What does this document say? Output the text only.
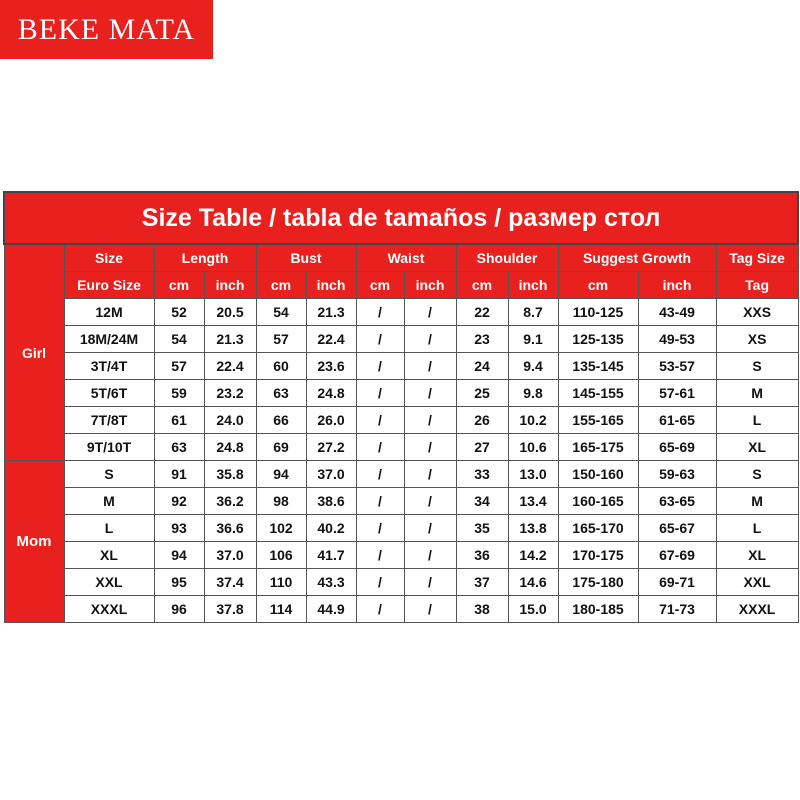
BEKE MATA
Size Table / tabla de tamaños / размер стол												
Girl	Size	Length		Bust		Waist		Shoulder		Suggest Growth		Tag Size
	Euro Size	cm	inch	cm	inch	cm	inch	cm	inch	cm	inch	Tag
	12M	52	20.5	54	21.3	/	/	22	8.7	110-125	43-49	XXS
	18M/24M	54	21.3	57	22.4	/	/	23	9.1	125-135	49-53	XS
	3T/4T	57	22.4	60	23.6	/	/	24	9.4	135-145	53-57	S
	5T/6T	59	23.2	63	24.8	/	/	25	9.8	145-155	57-61	M
	7T/8T	61	24.0	66	26.0	/	/	26	10.2	155-165	61-65	L
	9T/10T	63	24.8	69	27.2	/	/	27	10.6	165-175	65-69	XL
Mom	S	91	35.8	94	37.0	/	/	33	13.0	150-160	59-63	S
	M	92	36.2	98	38.6	/	/	34	13.4	160-165	63-65	M
	L	93	36.6	102	40.2	/	/	35	13.8	165-170	65-67	L
	XL	94	37.0	106	41.7	/	/	36	14.2	170-175	67-69	XL
	XXL	95	37.4	110	43.3	/	/	37	14.6	175-180	69-71	XXL
	XXXL	96	37.8	114	44.9	/	/	38	15.0	180-185	71-73	XXXL
